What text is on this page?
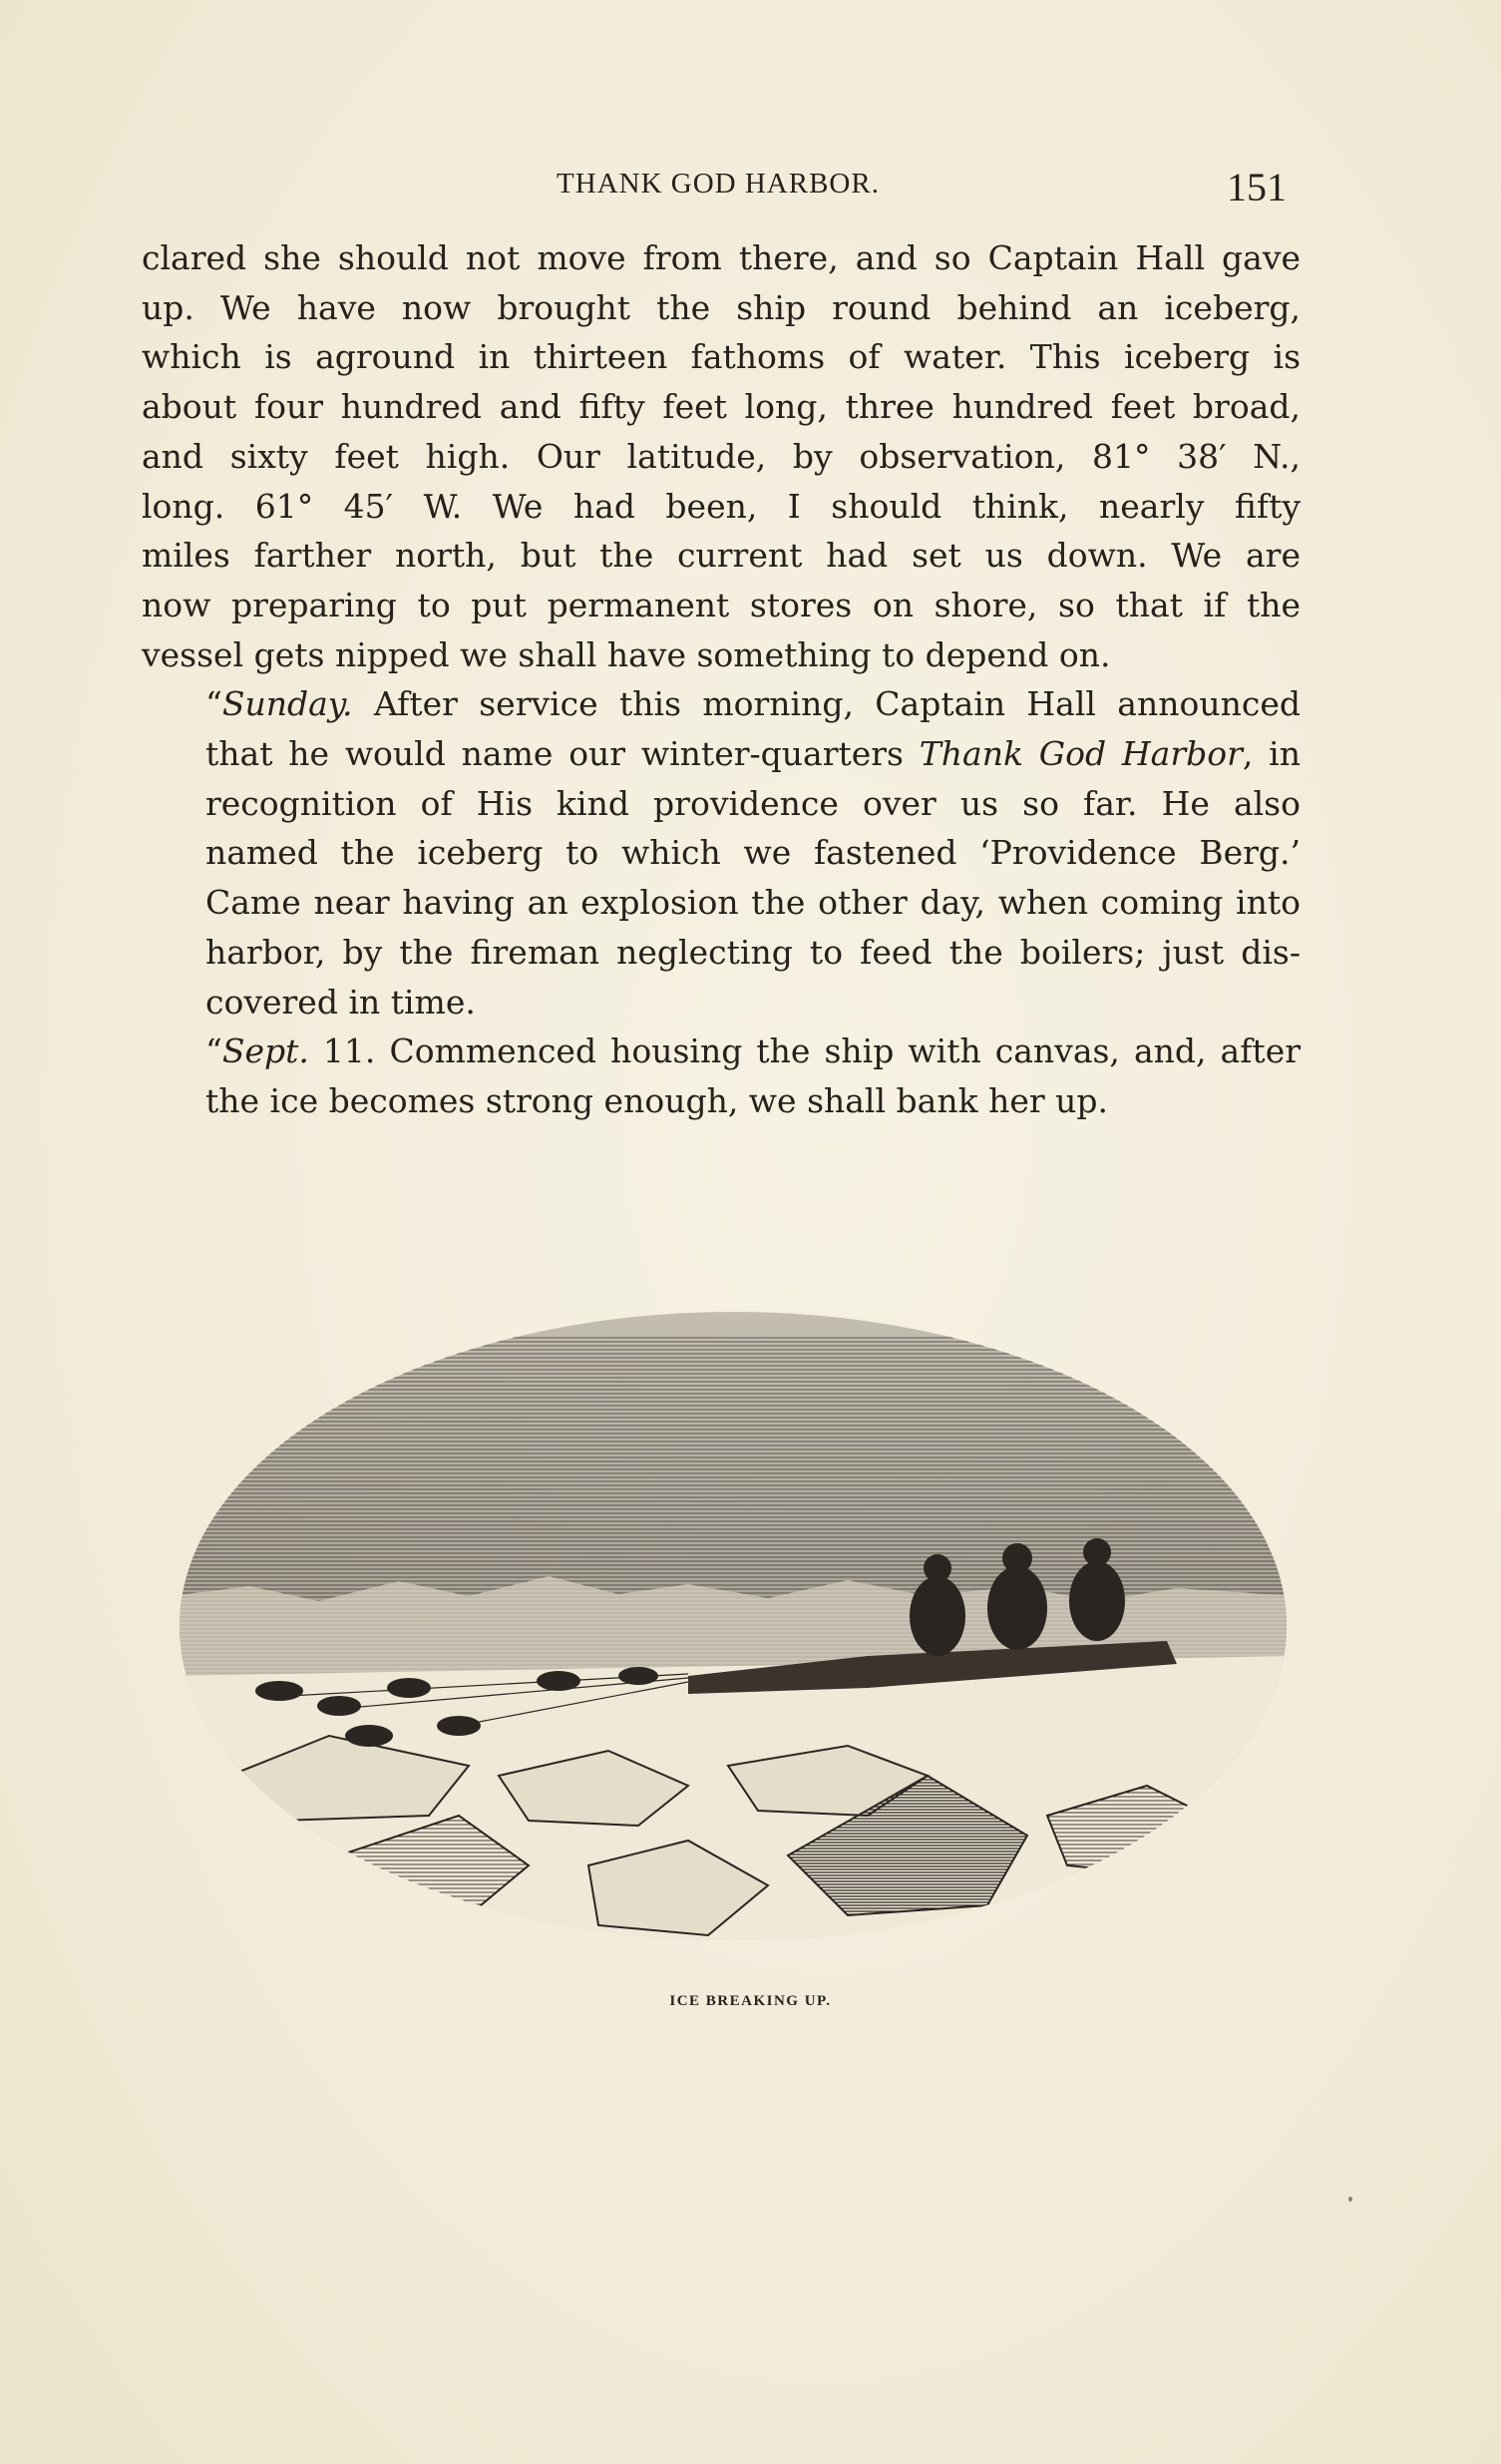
THANK GOD HARBOR.	151
clared she should not move from there, and so Captain Hall gave
up. We have now brought the ship round behind an iceberg,
which is aground in thirteen fathoms of water. This iceberg is
about four hundred and fifty feet long, three hundred feet broad,
and sixty feet high. Our latitude, by observation, 81° 38′ N.,
long. 61° 45′ W. We had been, I should think, nearly fifty
miles farther north, but the current had set us down. We are
now preparing to put permanent stores on shore, so that if the
vessel gets nipped we shall have something to depend on.
“Sunday. After service this morning, Captain Hall announced
that he would name our winter-quarters Thank God Harbor, in
recognition of His kind providence over us so far. He also
named the iceberg to which we fastened ‘Providence Berg.’
Came near having an explosion the other day, when coming into
harbor, by the fireman neglecting to feed the boilers; just dis-
covered in time.
“Sept. 11. Commenced housing the ship with canvas, and, after
the ice becomes strong enough, we shall bank her up.
ICE BREAKING UP.
